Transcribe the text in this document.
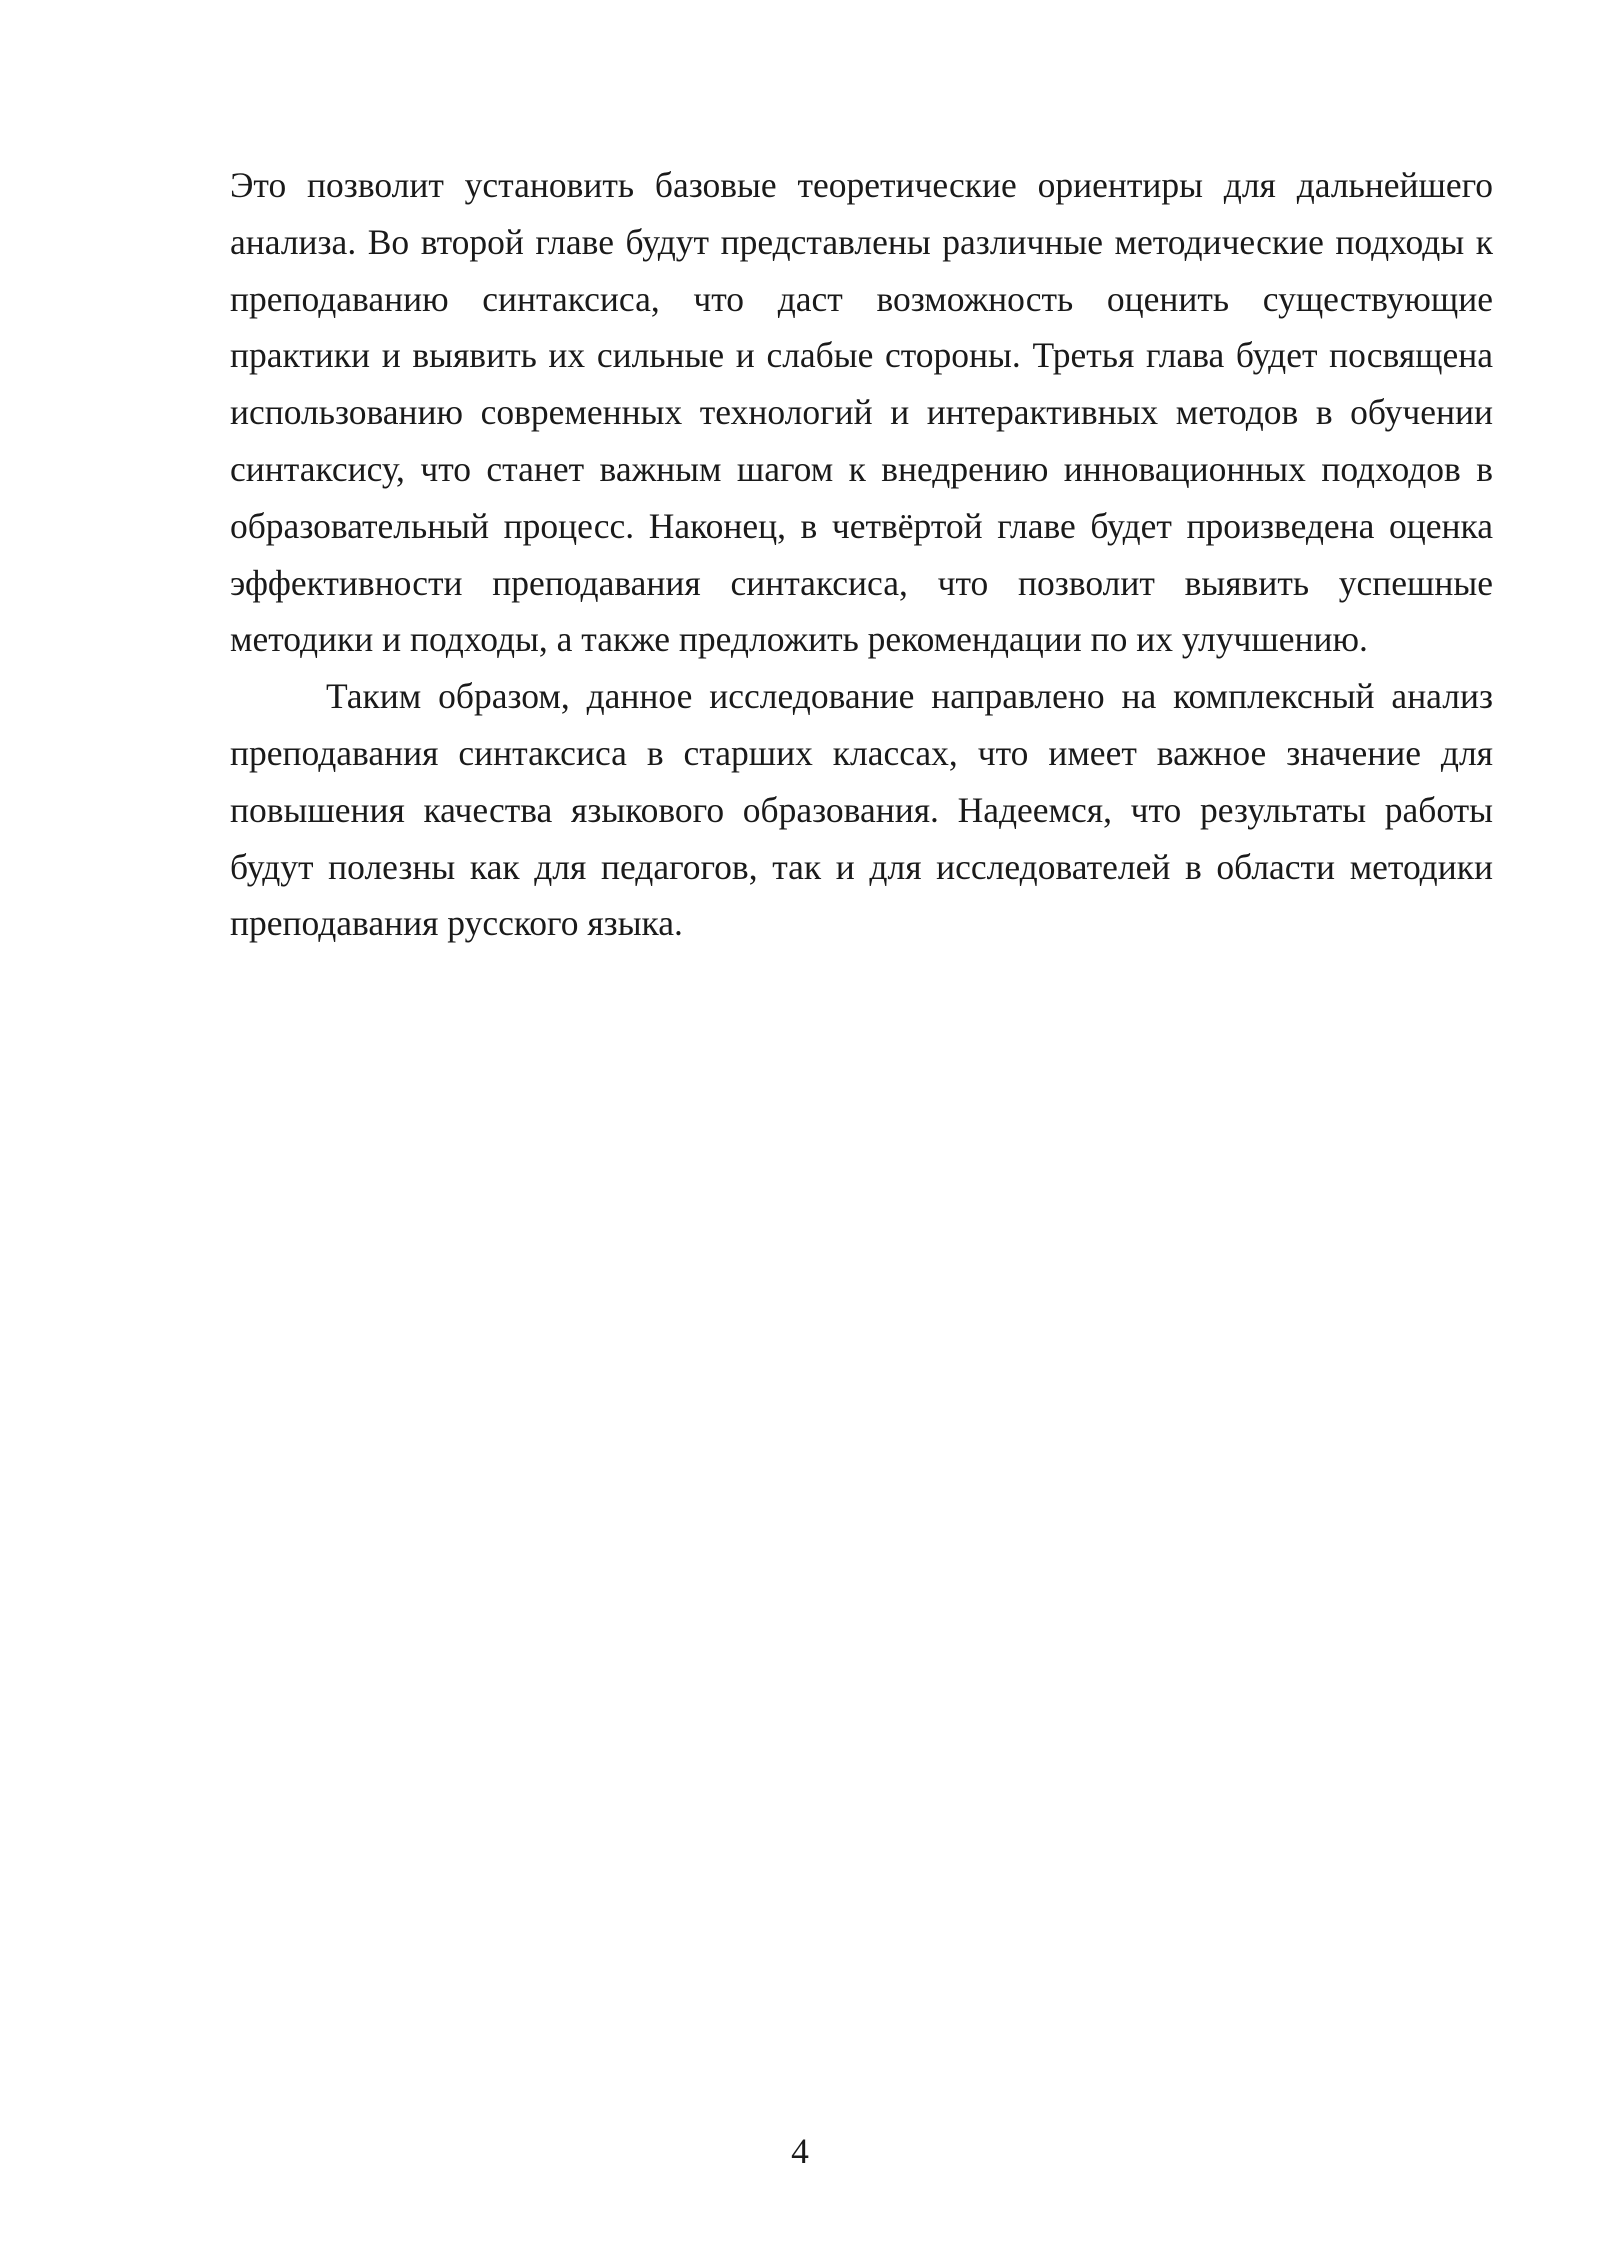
Это позволит установить базовые теоретические ориентиры для дальнейшего анализа. Во второй главе будут представлены различные методические подходы к преподаванию синтаксиса, что даст возможность оценить существующие практики и выявить их сильные и слабые стороны. Третья глава будет посвящена использованию современных технологий и интерактивных методов в обучении синтаксису, что станет важным шагом к внедрению инновационных подходов в образовательный процесс. Наконец, в четвёртой главе будет произведена оценка эффективности преподавания синтаксиса, что позволит выявить успешные методики и подходы, а также предложить рекомендации по их улучшению.

Таким образом, данное исследование направлено на комплексный анализ преподавания синтаксиса в старших классах, что имеет важное значение для повышения качества языкового образования. Надеемся, что результаты работы будут полезны как для педагогов, так и для исследователей в области методики преподавания русского языка.

4
